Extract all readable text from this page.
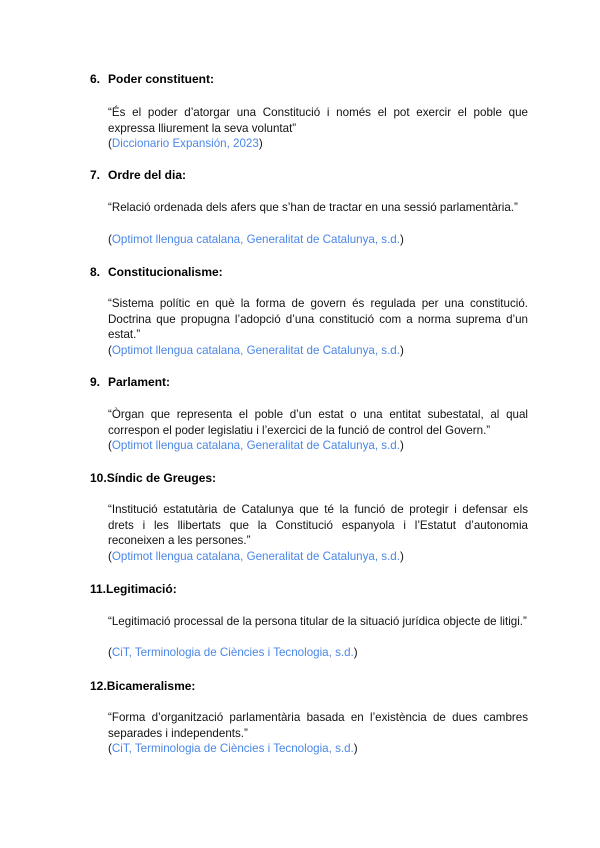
6. Poder constituent:
“És el poder d’atorgar una Constitució i només el pot exercir el poble que expressa lliurement la seva voluntat”
(Diccionario Expansión, 2023)
7. Ordre del dia:
“Relació ordenada dels afers que s’han de tractar en una sessió parlamentària.”
(Optimot llengua catalana, Generalitat de Catalunya, s.d.)
8. Constitucionalisme:
“Sistema polític en què la forma de govern és regulada per una constitució. Doctrina que propugna l’adopció d’una constitució com a norma suprema d’un estat.”
(Optimot llengua catalana, Generalitat de Catalunya, s.d.)
9. Parlament:
“Òrgan que representa el poble d’un estat o una entitat subestatal, al qual correspon el poder legislatiu i l’exercici de la funció de control del Govern.”
(Optimot llengua catalana, Generalitat de Catalunya, s.d.)
10.Síndic de Greuges:
“Institució estatutària de Catalunya que té la funció de protegir i defensar els drets i les llibertats que la Constitució espanyola i l’Estatut d’autonomia reconeixen a les persones.”
(Optimot llengua catalana, Generalitat de Catalunya, s.d.)
11.Legitimació:
“Legitimació processal de la persona titular de la situació jurídica objecte de litigi.”
(CiT, Terminologia de Ciències i Tecnologia, s.d.)
12.Bicameralisme:
“Forma d’organització parlamentària basada en l’existència de dues cambres separades i independents.”
(CiT, Terminologia de Ciències i Tecnologia, s.d.)
